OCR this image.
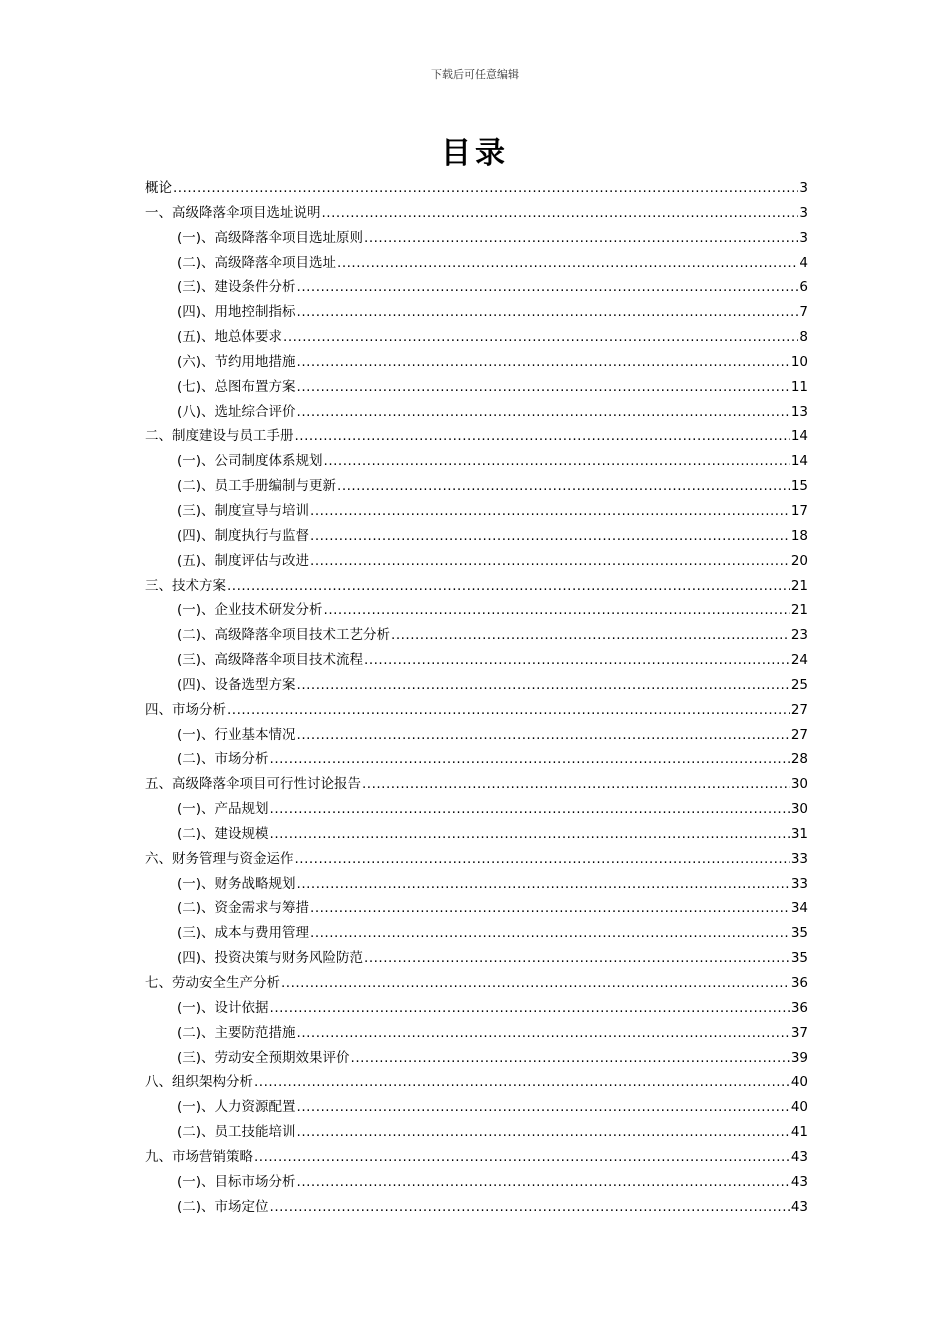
下载后可任意编辑
目录
概论 .....	3
一、高级降落伞项目选址说明 .....	3
(一)、高级降落伞项目选址原则 .....	3
(二)、高级降落伞项目选址 .....	4
(三)、建设条件分析 .....	6
(四)、用地控制指标 .....	7
(五)、地总体要求 .....	8
(六)、节约用地措施 .....	10
(七)、总图布置方案 .....	11
(八)、选址综合评价 .....	13
二、制度建设与员工手册 .....	14
(一)、公司制度体系规划 .....	14
(二)、员工手册编制与更新 .....	15
(三)、制度宣导与培训 .....	17
(四)、制度执行与监督 .....	18
(五)、制度评估与改进 .....	20
三、技术方案 .....	21
(一)、企业技术研发分析 .....	21
(二)、高级降落伞项目技术工艺分析 .....	23
(三)、高级降落伞项目技术流程 .....	24
(四)、设备选型方案 .....	25
四、市场分析 .....	27
(一)、行业基本情况 .....	27
(二)、市场分析 .....	28
五、高级降落伞项目可行性讨论报告 .....	30
(一)、产品规划 .....	30
(二)、建设规模 .....	31
六、财务管理与资金运作 .....	33
(一)、财务战略规划 .....	33
(二)、资金需求与筹措 .....	34
(三)、成本与费用管理 .....	35
(四)、投资决策与财务风险防范 .....	35
七、劳动安全生产分析 .....	36
(一)、设计依据 .....	36
(二)、主要防范措施 .....	37
(三)、劳动安全预期效果评价 .....	39
八、组织架构分析 .....	40
(一)、人力资源配置 .....	40
(二)、员工技能培训 .....	41
九、市场营销策略 .....	43
(一)、目标市场分析 .....	43
(二)、市场定位 .....	43
